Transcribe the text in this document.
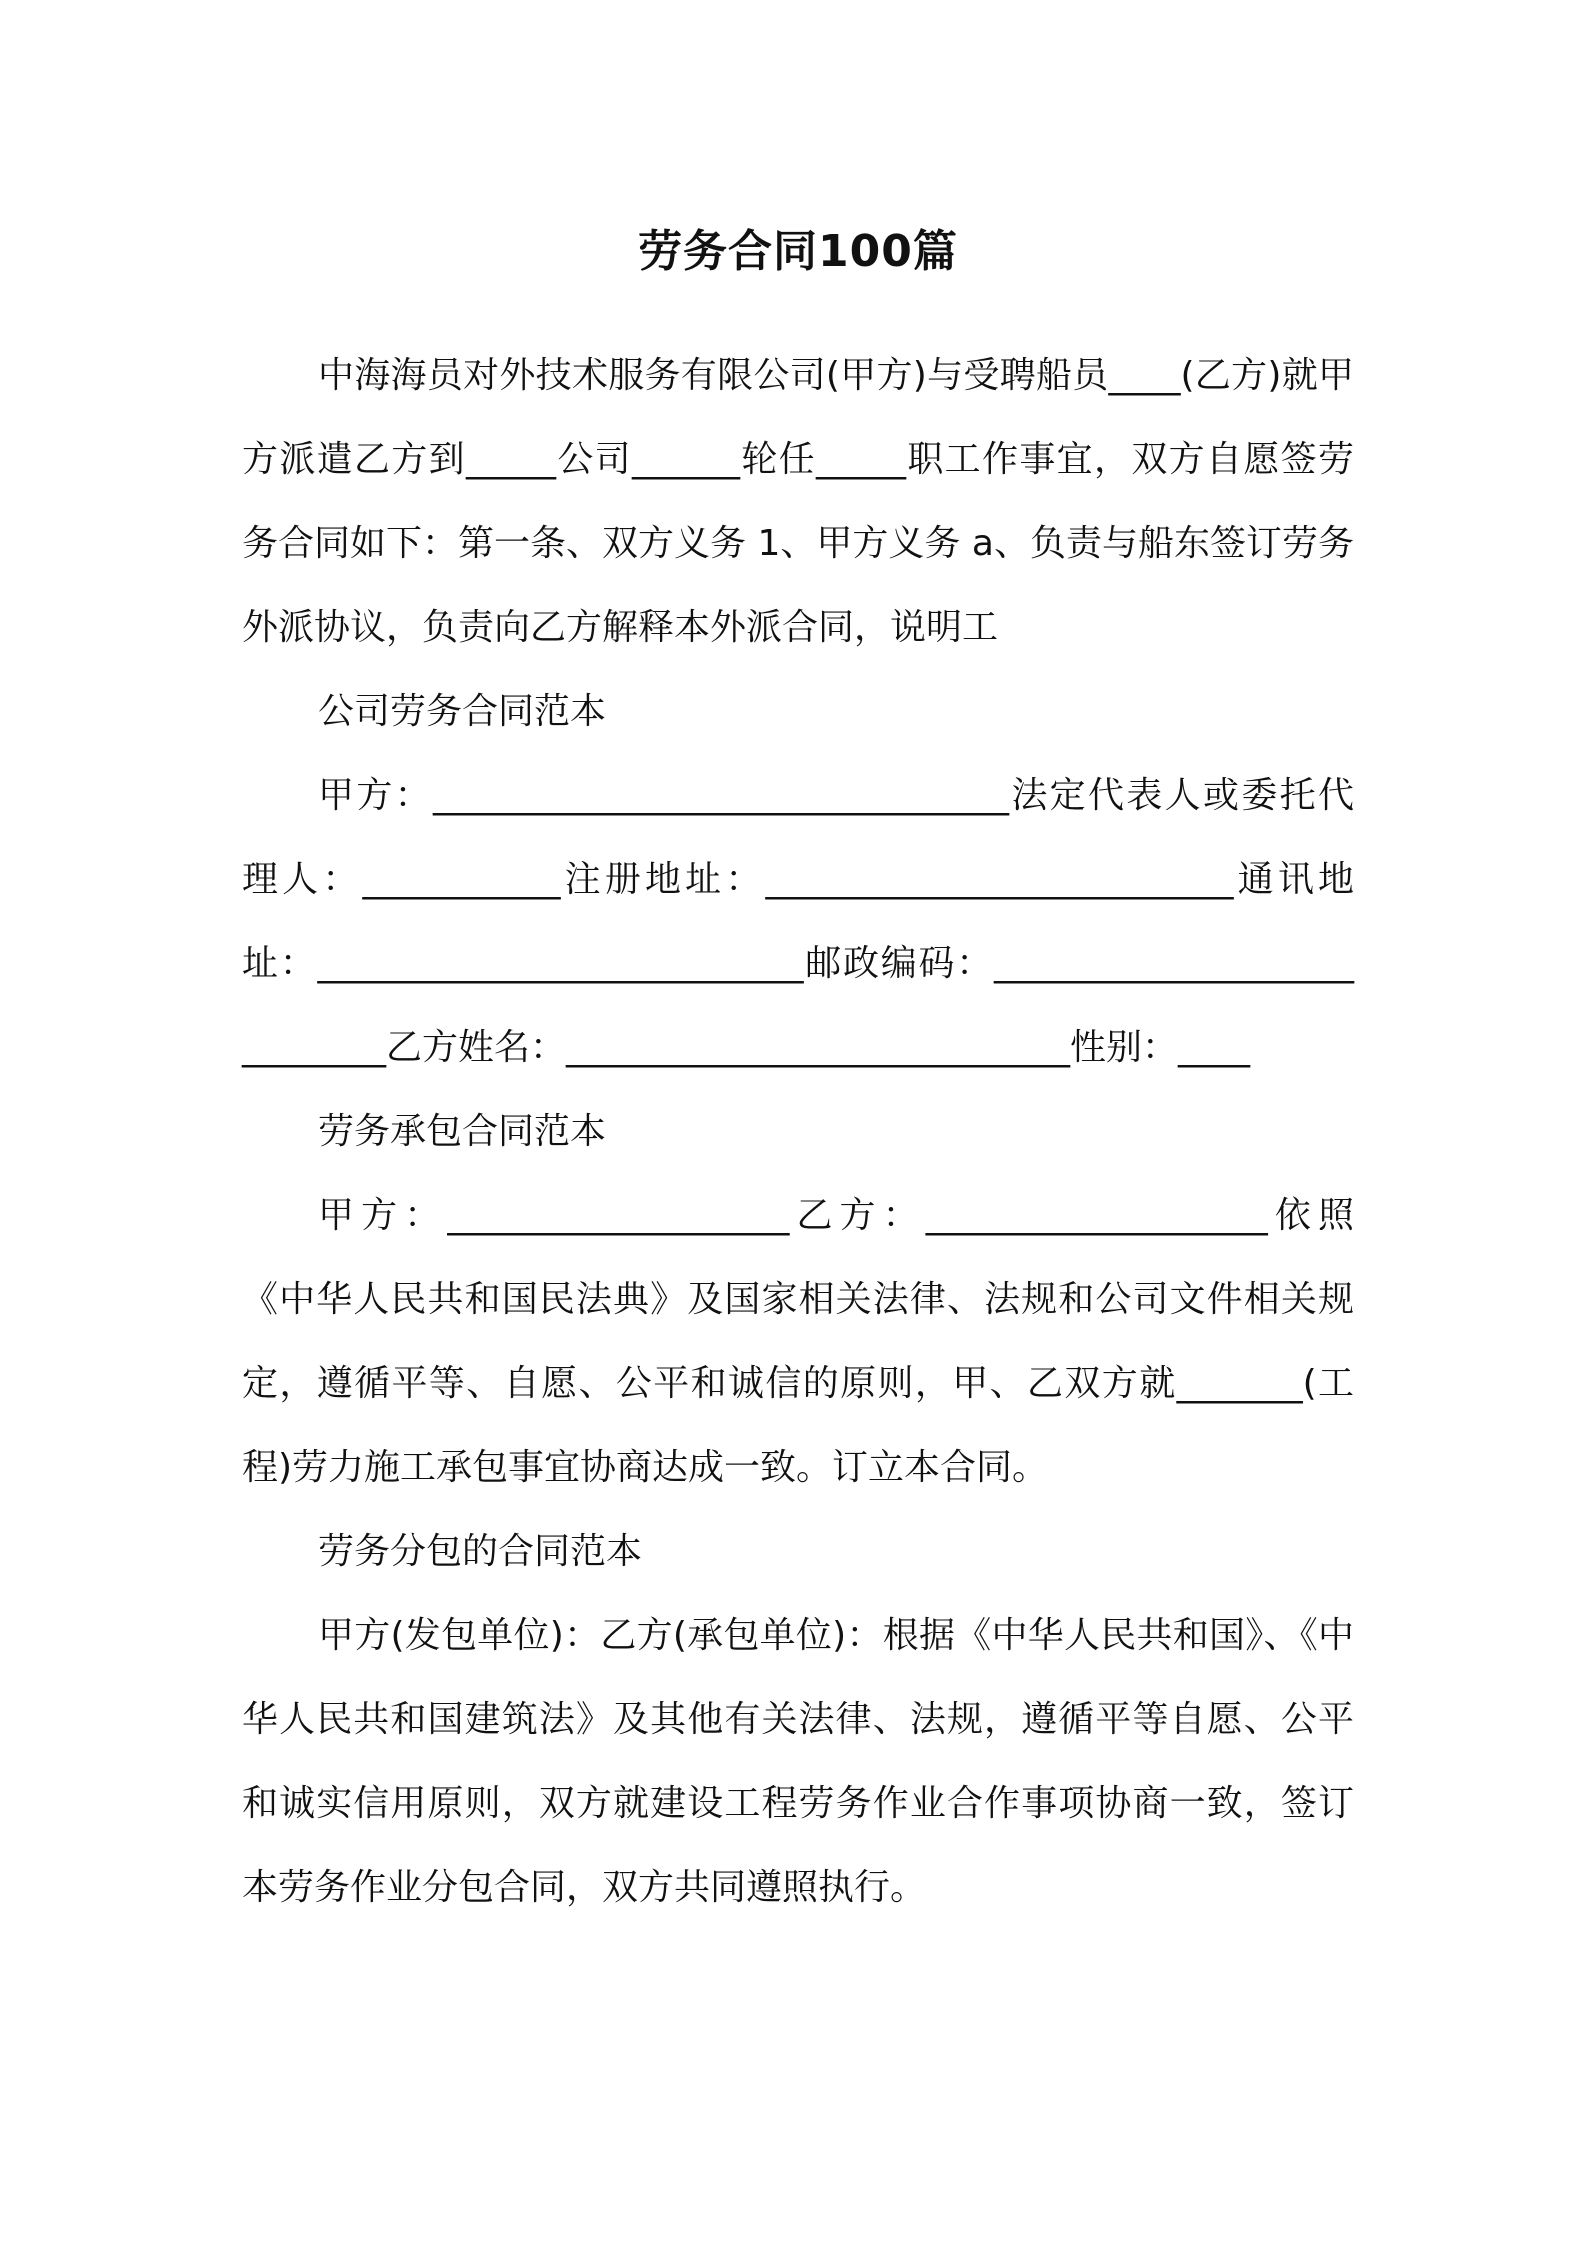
劳务合同100篇

中海海员对外技术服务有限公司(甲方)与受聘船员____(乙方)就甲方派遣乙方到_____公司______轮任_____职工作事宜，双方自愿签劳务合同如下：第一条、双方义务 1、甲方义务 a、负责与船东签订劳务外派协议，负责向乙方解释本外派合同，说明工

公司劳务合同范本

甲方：________________________________法定代表人或委托代理人：___________注册地址：__________________________通讯地址：___________________________邮政编码：____________________________乙方姓名：____________________________性别：____

劳务承包合同范本

甲方：___________________乙方：___________________依照《中华人民共和国民法典》及国家相关法律、法规和公司文件相关规定，遵循平等、自愿、公平和诚信的原则，甲、乙双方就_______(工程)劳力施工承包事宜协商达成一致。订立本合同。

劳务分包的合同范本

甲方(发包单位)：乙方(承包单位)：根据《中华人民共和国》、《中华人民共和国建筑法》及其他有关法律、法规，遵循平等自愿、公平和诚实信用原则，双方就建设工程劳务作业合作事项协商一致，签订本劳务作业分包合同，双方共同遵照执行。
